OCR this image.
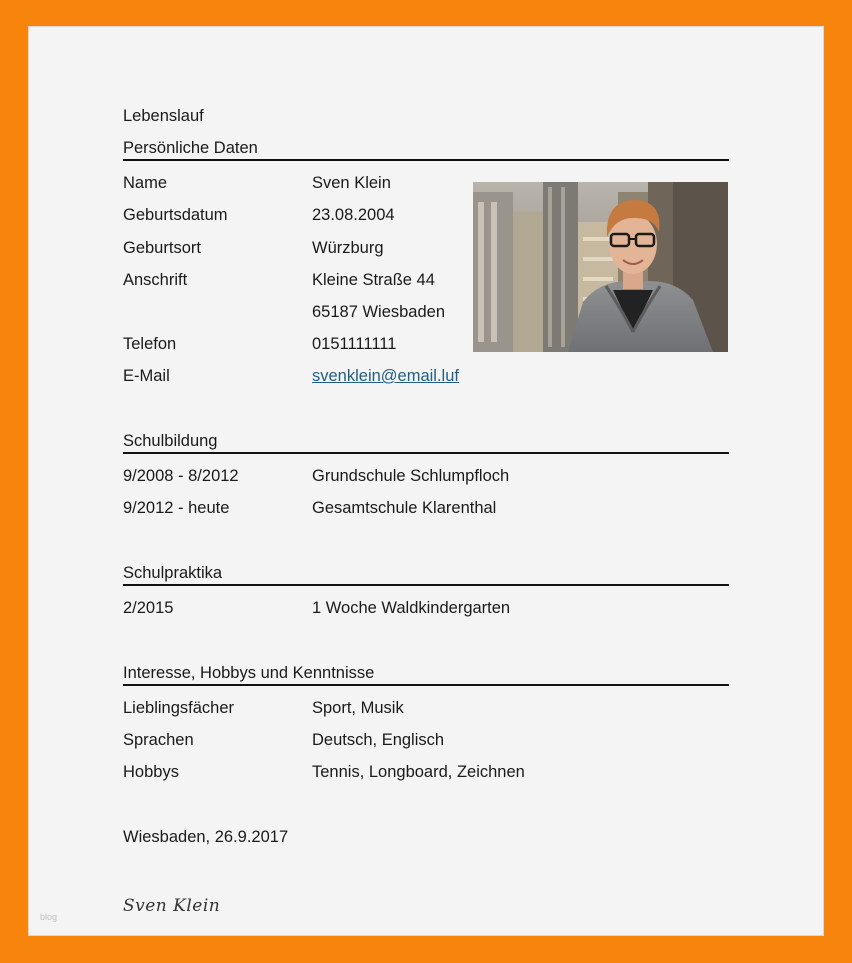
Lebenslauf
Persönliche Daten
Name	Sven Klein
Geburtsdatum	23.08.2004
Geburtsort	Würzburg
Anschrift	Kleine Straße 44
65187 Wiesbaden
Telefon	0151111111
E-Mail	svenklein@email.luf
Schulbildung
9/2008 - 8/2012	Grundschule Schlumpfloch
9/2012 - heute	Gesamtschule Klarenthal
Schulpraktika
2/2015	1 Woche Waldkindergarten
Interesse, Hobbys und Kenntnisse
Lieblingsfächer	Sport, Musik
Sprachen	Deutsch, Englisch
Hobbys	Tennis, Longboard, Zeichnen
Wiesbaden, 26.9.2017
Sven Klein
blog
